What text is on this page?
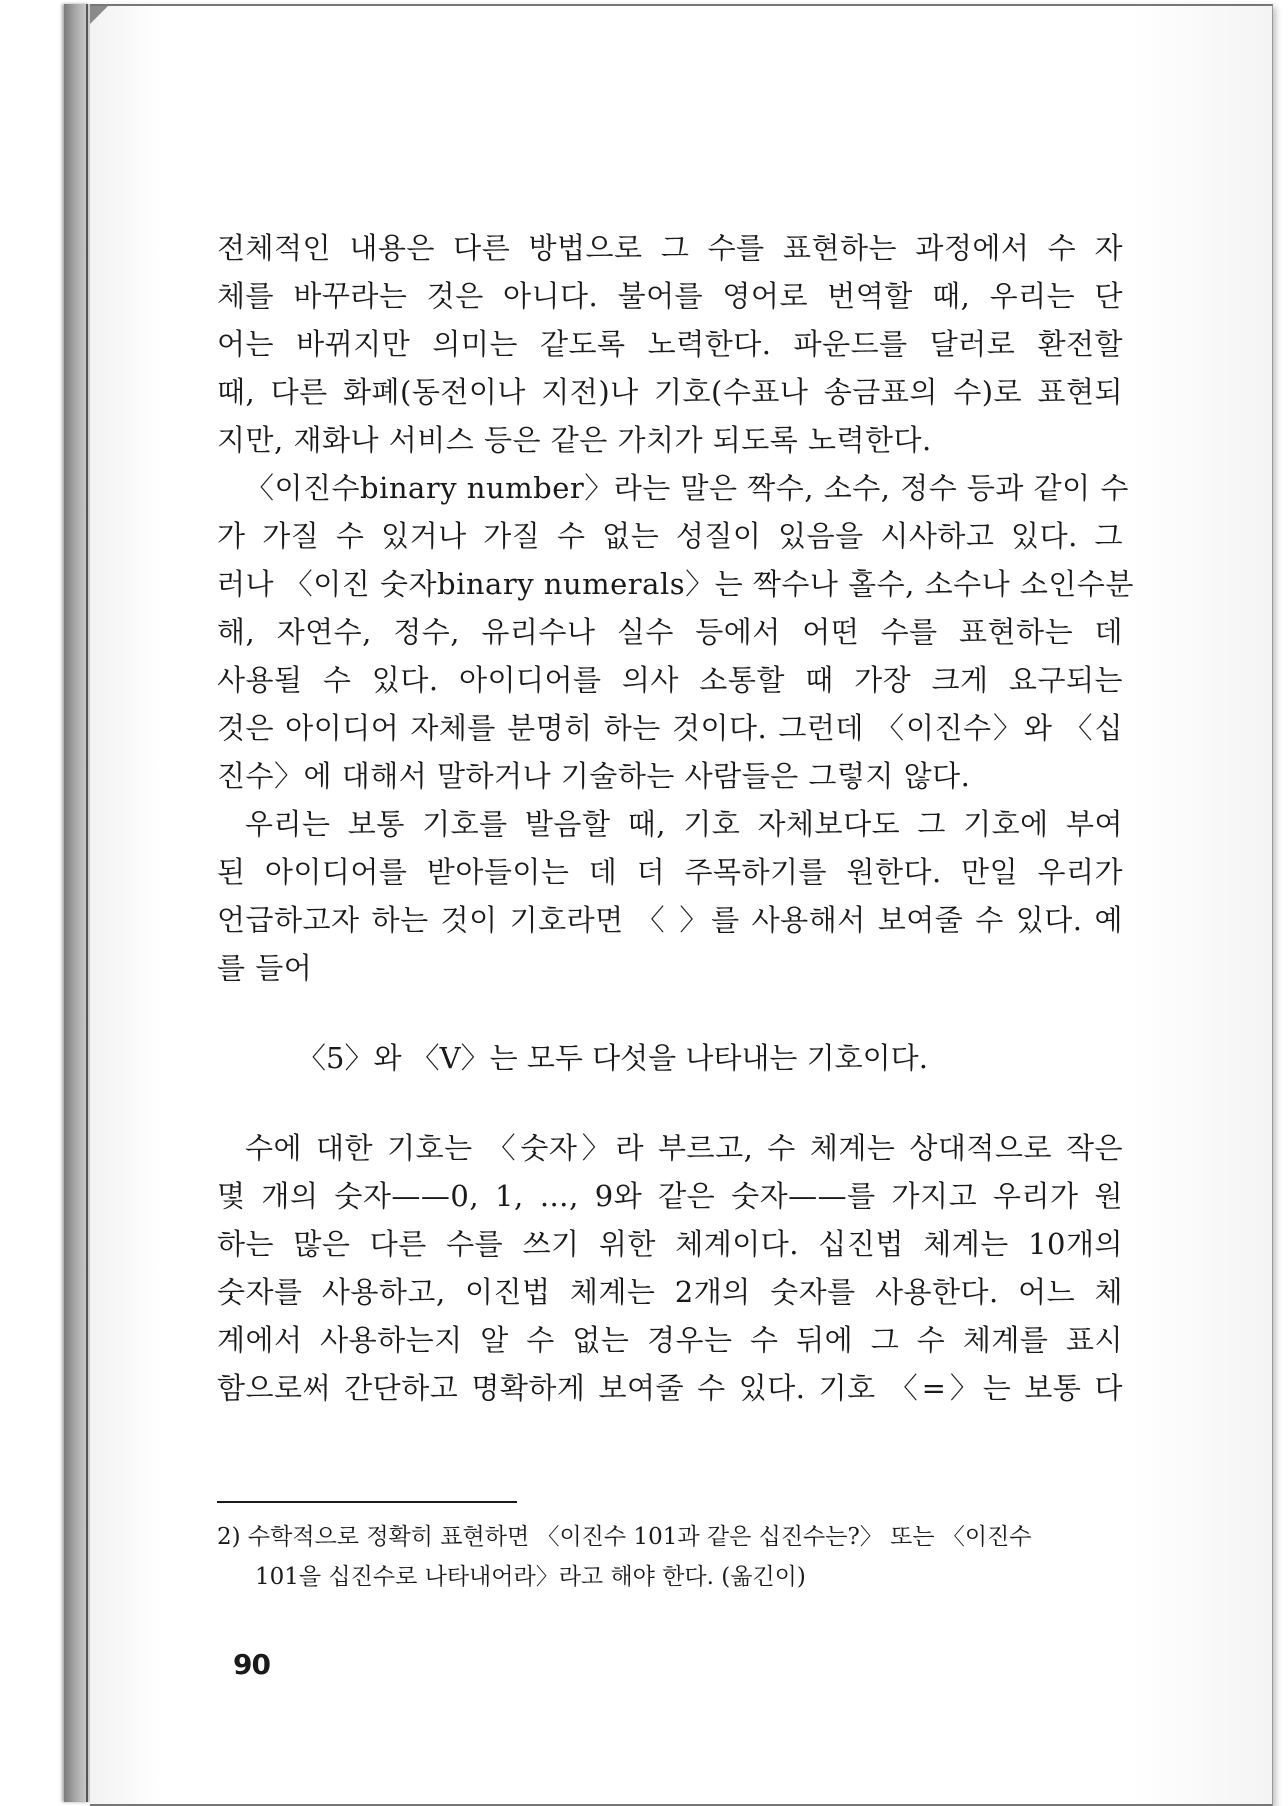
전체적인 내용은 다른 방법으로 그 수를 표현하는 과정에서 수 자
체를 바꾸라는 것은 아니다. 불어를 영어로 번역할 때, 우리는 단
어는 바뀌지만 의미는 같도록 노력한다. 파운드를 달러로 환전할
때, 다른 화폐(동전이나 지전)나 기호(수표나 송금표의 수)로 표현되
지만, 재화나 서비스 등은 같은 가치가 되도록 노력한다.
〈이진수binary number〉라는 말은 짝수, 소수, 정수 등과 같이 수
가 가질 수 있거나 가질 수 없는 성질이 있음을 시사하고 있다. 그
러나 〈이진 숫자binary numerals〉는 짝수나 홀수, 소수나 소인수분
해, 자연수, 정수, 유리수나 실수 등에서 어떤 수를 표현하는 데
사용될 수 있다. 아이디어를 의사 소통할 때 가장 크게 요구되는
것은 아이디어 자체를 분명히 하는 것이다. 그런데 〈이진수〉와 〈십
진수〉에 대해서 말하거나 기술하는 사람들은 그렇지 않다.
우리는 보통 기호를 발음할 때, 기호 자체보다도 그 기호에 부여
된 아이디어를 받아들이는 데 더 주목하기를 원한다. 만일 우리가
언급하고자 하는 것이 기호라면 〈 〉를 사용해서 보여줄 수 있다. 예
를 들어
〈5〉와 〈V〉는 모두 다섯을 나타내는 기호이다.
수에 대한 기호는 〈숫자〉라 부르고, 수 체계는 상대적으로 작은
몇 개의 숫자——0, 1, …, 9와 같은 숫자——를 가지고 우리가 원
하는 많은 다른 수를 쓰기 위한 체계이다. 십진법 체계는 10개의
숫자를 사용하고, 이진법 체계는 2개의 숫자를 사용한다. 어느 체
계에서 사용하는지 알 수 없는 경우는 수 뒤에 그 수 체계를 표시
함으로써 간단하고 명확하게 보여줄 수 있다. 기호 〈=〉는 보통 다
2) 수학적으로 정확히 표현하면 〈이진수 101과 같은 십진수는?〉 또는 〈이진수
101을 십진수로 나타내어라〉라고 해야 한다. (옮긴이)
90
